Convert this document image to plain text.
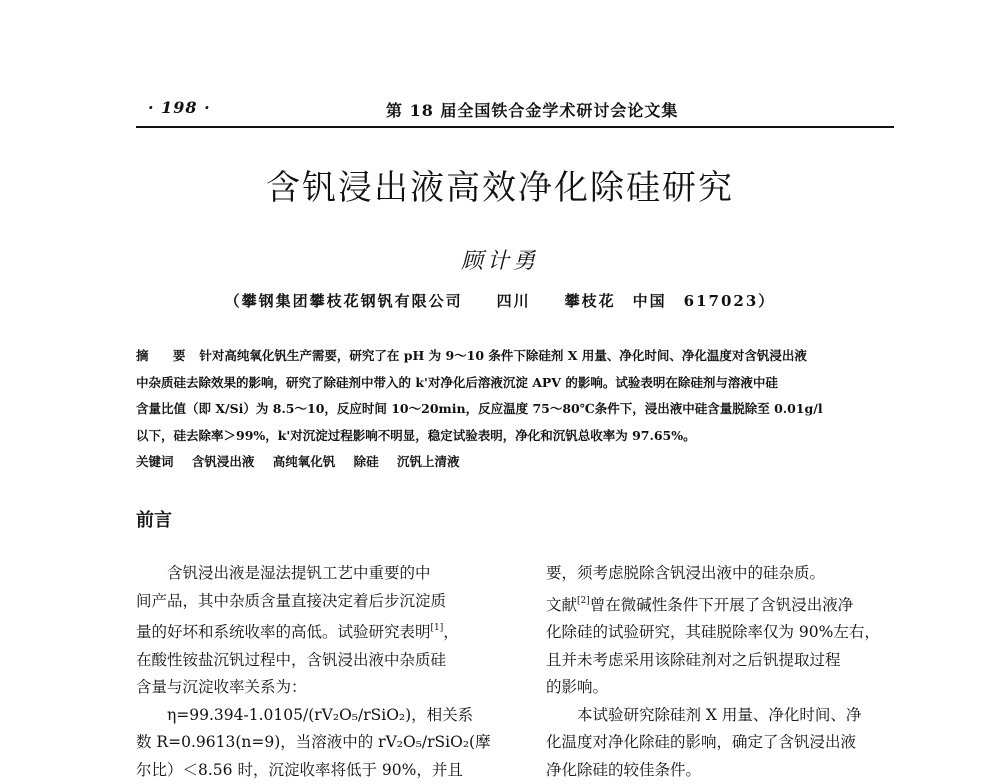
· 198 ·	第 18 届全国铁合金学术研讨会论文集
含钒浸出液高效净化除硅研究
顾计勇
（攀钢集团攀枝花钢钒有限公司　　四川　　攀枝花　中国　617023）
摘 要 针对高纯氧化钒生产需要，研究了在 pH 为 9～10 条件下除硅剂 X 用量、净化时间、净化温度对含钒浸出液
中杂质硅去除效果的影响，研究了除硅剂中带入的 k'对净化后溶液沉淀 APV 的影响。试验表明在除硅剂与溶液中硅
含量比值（即 X/Si）为 8.5～10，反应时间 10～20min，反应温度 75～80℃条件下，浸出液中硅含量脱除至 0.01g/l
以下，硅去除率＞99%，k'对沉淀过程影响不明显，稳定试验表明，净化和沉钒总收率为 97.65%。
关键词 含钒浸出液 高纯氧化钒 除硅 沉钒上清液
前言
　　含钒浸出液是湿法提钒工艺中重要的中
间产品，其中杂质含量直接决定着后步沉淀质
量的好坏和系统收率的高低。试验研究表明[1]，
在酸性铵盐沉钒过程中，含钒浸出液中杂质硅
含量与沉淀收率关系为：
　　η=99.394-1.0105/(rV₂O₅/rSiO₂)，相关系
数 R=0.9613(n=9)，当溶液中的 rV₂O₅/rSiO₂(摩
尔比）＜8.56 时，沉淀收率将低于 90%，并且
要，须考虑脱除含钒浸出液中的硅杂质。
文献[2]曾在微碱性条件下开展了含钒浸出液净
化除硅的试验研究，其硅脱除率仅为 90%左右，
且并未考虑采用该除硅剂对之后钒提取过程
的影响。
　　本试验研究除硅剂 X 用量、净化时间、净
化温度对净化除硅的影响，确定了含钒浸出液
净化除硅的较佳条件。
